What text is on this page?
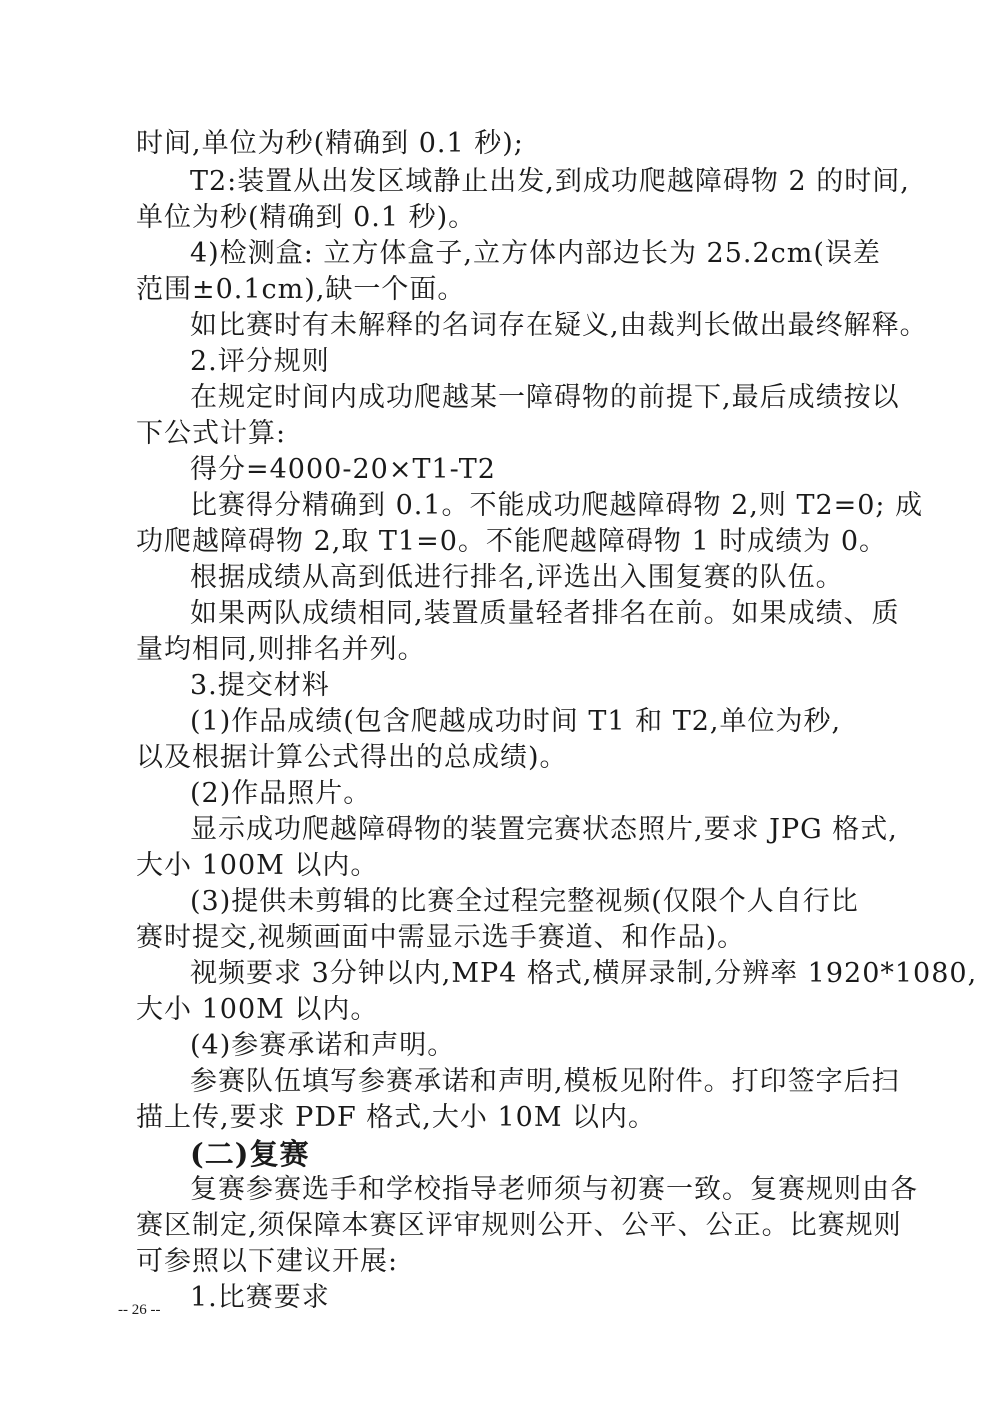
时间,单位为秒(精确到 0.1 秒);
T2:装置从出发区域静止出发,到成功爬越障碍物 2 的时间,
单位为秒(精确到 0.1 秒)。
4)检测盒: 立方体盒子,立方体内部边长为 25.2cm(误差
范围±0.1cm),缺一个面。
如比赛时有未解释的名词存在疑义,由裁判长做出最终解释。
2.评分规则
在规定时间内成功爬越某一障碍物的前提下,最后成绩按以
下公式计算:
得分=4000-20×T1-T2
比赛得分精确到 0.1。不能成功爬越障碍物 2,则 T2=0; 成
功爬越障碍物 2,取 T1=0。不能爬越障碍物 1 时成绩为 0。
根据成绩从高到低进行排名,评选出入围复赛的队伍。
如果两队成绩相同,装置质量轻者排名在前。如果成绩、质
量均相同,则排名并列。
3.提交材料
(1)作品成绩(包含爬越成功时间 T1 和 T2,单位为秒,
以及根据计算公式得出的总成绩)。
(2)作品照片。
显示成功爬越障碍物的装置完赛状态照片,要求 JPG 格式,
大小 100M 以内。
(3)提供未剪辑的比赛全过程完整视频(仅限个人自行比
赛时提交,视频画面中需显示选手赛道、和作品)。
视频要求 3分钟以内,MP4 格式,横屏录制,分辨率 1920*1080,
大小 100M 以内。
(4)参赛承诺和声明。
参赛队伍填写参赛承诺和声明,模板见附件。打印签字后扫
描上传,要求 PDF 格式,大小 10M 以内。
(二)复赛
复赛参赛选手和学校指导老师须与初赛一致。复赛规则由各
赛区制定,须保障本赛区评审规则公开、公平、公正。比赛规则
可参照以下建议开展:
1.比赛要求
-- 26 --
